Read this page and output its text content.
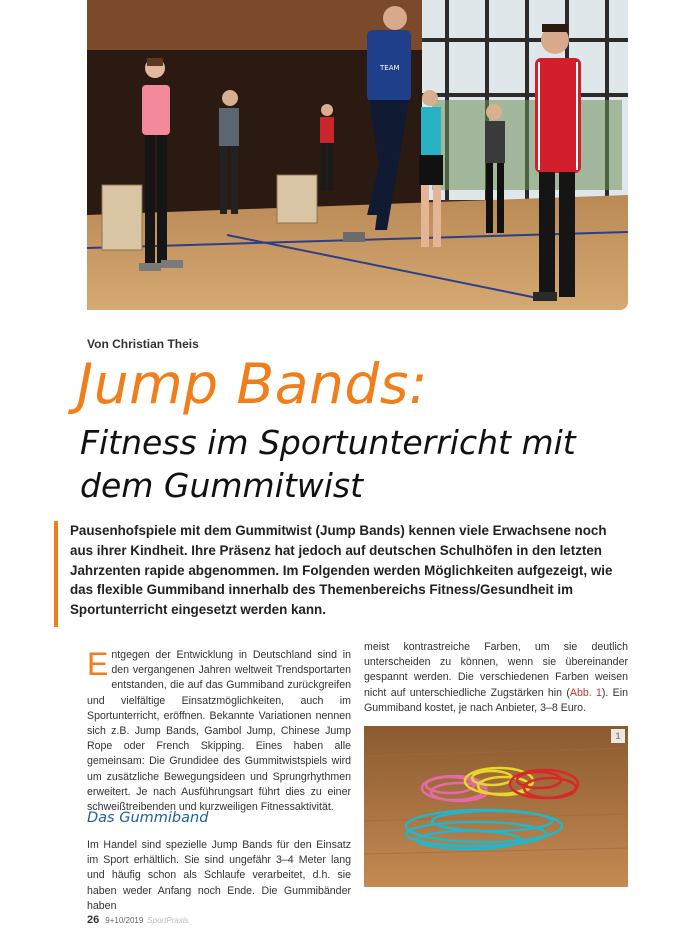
TEAM
Von Christian Theis
Jump Bands:
Fitness im Sportunterricht mit dem Gummitwist

Pausenhofspiele mit dem Gummitwist (Jump Bands) kennen viele Erwachsene noch aus ihrer Kindheit. Ihre Präsenz hat jedoch auf deutschen Schulhöfen in den letzten Jahrzenten rapide abgenommen. Im Folgenden werden Möglichkeiten aufgezeigt, wie das flexible Gummiband innerhalb des Themenbereichs Fitness/Gesundheit im Sportunterricht eingesetzt werden kann.

Entgegen der Entwicklung in Deutschland sind in den vergangenen Jahren weltweit Trendsportarten entstanden, die auf das Gummiband zurückgreifen und vielfältige Einsatzmöglichkeiten, auch im Sportunterricht, eröffnen. Bekannte Variationen nennen sich z.B. Jump Bands, Gambol Jump, Chinese Jump Rope oder French Skipping. Eines haben alle gemeinsam: Die Grundidee des Gummitwistspiels wird um zusätzliche Bewegungsideen und Sprungrhythmen erweitert. Je nach Ausführungsart führt dies zu einer schweißtreibenden und kurzweiligen Fitnessaktivität.
Das Gummiband
Im Handel sind spezielle Jump Bands für den Einsatz im Sport erhältlich. Sie sind ungefähr 3–4 Meter lang und häufig schon als Schlaufe verarbeitet, d.h. sie haben weder Anfang noch Ende. Die Gummibänder haben
meist kontrastreiche Farben, um sie deutlich unterscheiden zu können, wenn sie übereinander gespannt werden. Die verschiedenen Farben weisen nicht auf unterschiedliche Zugstärken hin (Abb. 1). Ein Gummiband kostet, je nach Anbieter, 3–8 Euro.
1
26 9+10/2019 SportPraxis
